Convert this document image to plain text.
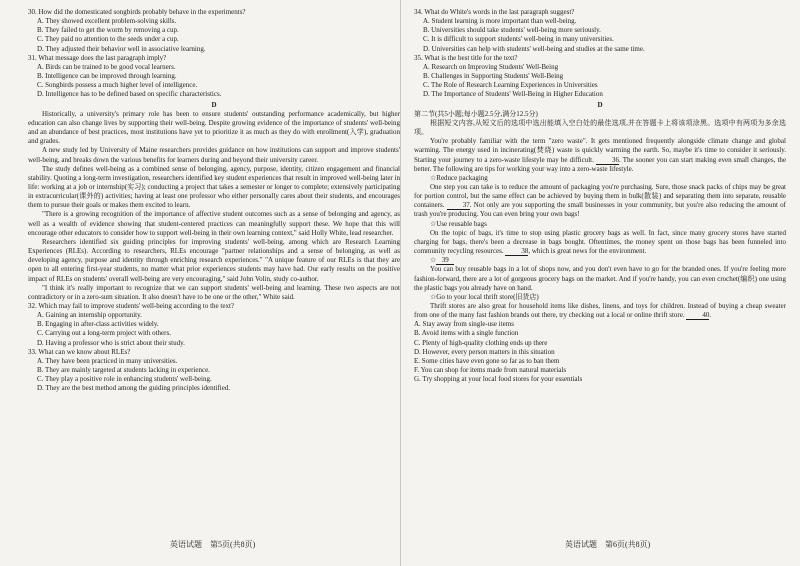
30. How did the domesticated songbirds probably behave in the experiments?

A. They showed excellent problem-solving skills.

B. They failed to get the worm by removing a cup.

C. They paid no attention to the seeds under a cup.

D. They adjusted their behavior well in associative learning.

31. What message does the last paragraph imply?

A. Birds can be trained to be good vocal learners.

B. Intelligence can be improved through learning.

C. Songbirds possess a much higher level of intelligence.

D. Intelligence has to be defined based on specific characteristics.

D

Historically, a university's primary role has been to ensure students' outstanding performance academically, but higher education can also change lives by supporting their well-being. Despite growing evidence of the importance of students' well-being and an abundance of best practices, most institutions have yet to prioritize it as much as they do with enrollment(入学), graduation and grades.

A new study led by University of Maine researchers provides guidance on how institutions can support and improve students' well-being, and breaks down the various benefits for learners during and beyond their university career.

The study defines well-being as a combined sense of belonging, agency, purpose, identity, citizen engagement and financial stability. Quoting a long-term investigation, researchers identified key student experiences that result in improved well-being later in life: working at a job or internship(实习); conducting a project that takes a semester or longer to complete; extensively participating in extracurricular(课外的) activities; having at least one professor who either personally cares about their students, and encourages them to pursue their goals or makes them excited to learn.

"There is a growing recognition of the importance of affective student outcomes such as a sense of belonging and agency, as well as a wealth of evidence showing that student-centered practices can meaningfully support these. We hope that this will encourage other educators to consider how to support well-being in their own learning context," said Holly White, lead researcher.

Researchers identified six guiding principles for improving students' well-being, among which are Research Learning Experiences (RLEs). According to researchers, RLEs encourage "partner relationships and a sense of belonging, as well as developing agency, purpose and identity through enriching research experiences." "A unique feature of our RLEs is that they are open to all entering first-year students, no matter what prior experiences students may have had. Our early results on the positive impact of RLEs on students' overall well-being are very encouraging," said John Volin, study co-author.

"I think it's really important to recognize that we can support students' well-being and learning. These two aspects are not contradictory or in a zero-sum situation. It also doesn't have to be one or the other," White said.

32. Which may fail to improve students' well-being according to the text?

A. Gaining an internship opportunity.

B. Engaging in after-class activities widely.

C. Carrying out a long-term project with others.

D. Having a professor who is strict about their study.

33. What can we know about RLEs?

A. They have been practiced in many universities.

B. They are mainly targeted at students lacking in experience.

C. They play a positive role in enhancing students' well-being.

D. They are the best method among the guiding principles identified.

英语试题　第5页(共8页)

34. What do White's words in the last paragraph suggest?

A. Student learning is more important than well-being.

B. Universities should take students' well-being more seriously.

C. It is difficult to support students' well-being in many universities.

D. Universities can help with students' well-being and studies at the same time.

35. What is the best title for the text?

A. Research on Improving Students' Well-Being

B. Challenges in Supporting Students' Well-Being

C. The Role of Research Learning Experiences in Universities

D. The Importance of Students' Well-Being in Higher Education

D

第二节(共5小题;每小题2.5分,满分12.5分)

根据短文内容,从短文后的选项中选出能填入空白处的最佳选项,并在答题卡上将该项涂黑。选项中有两项为多余选项。

You're probably familiar with the term "zero waste". It gets mentioned frequently alongside climate change and global warming. The energy used in incinerating(焚烧) waste is quickly warming the earth. So, maybe it's time to consider it seriously. Starting your journey to a zero-waste lifestyle may be difficult.	36. The sooner you can start making even small changes, the better. The following are tips for working your way into a zero-waste lifestyle.

☆Reduce packaging

One step you can take is to reduce the amount of packaging you're purchasing. Sure, those snack packs of chips may be great for portion control, but the same effect can be achieved by buying them in bulk(散装) and separating them into separate, reusable containers.	37. Not only are you supporting the small businesses in your community, but you're also reducing the amount of trash you're producing. You can even bring your own bags!

☆Use reusable bags

On the topic of bags, it's time to stop using plastic grocery bags as well. In fact, since many grocery stores have started charging for bags, there's been a decrease in bags bought. Oftentimes, the money spent on those bags has been funneled into community recycling resources.	38, which is great news for the environment.

☆ 39

You can buy reusable bags in a lot of shops now, and you don't even have to go for the branded ones. If you're feeling more fashion-forward, there are a lot of gorgeous grocery bags on the market. And if you're handy, you can even crochet(编织) one using the plastic bags you already have on hand.

☆Go to your local thrift store(旧货店)

Thrift stores are also great for household items like dishes, linens, and toys for children. Instead of buying a cheap sweater from one of the many fast fashion brands out there, try checking out a local or online thrift store.	40.

A. Stay away from single-use items

B. Avoid items with a single function

C. Plenty of high-quality clothing ends up there

D. However, every person matters in this situation

E. Some cities have even gone so far as to ban them

F. You can shop for items made from natural materials

G. Try shopping at your local food stores for your essentials

英语试题　第6页(共8页)
